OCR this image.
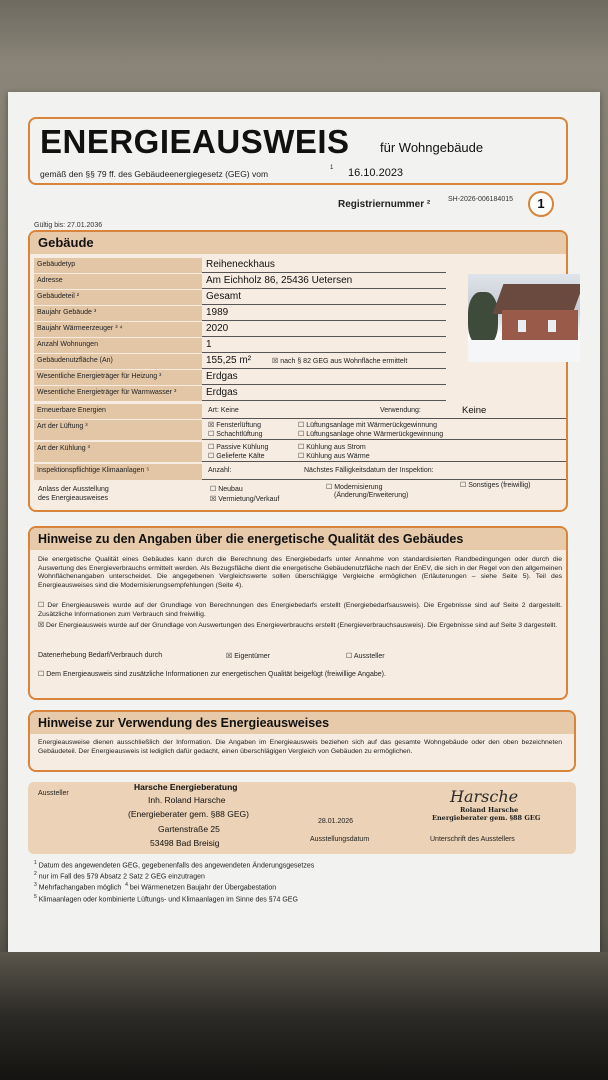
ENERGIEAUSWEIS für Wohngebäude
gemäß den §§ 79 ff. des Gebäudeenergiegesetz (GEG) vom
1 16.10.2023
Registriernummer ²	SH-2026-006184015	1
Gültig bis: 27.01.2036
Gebäude
Gebäudetyp	Reiheneckhaus
Adresse	Am Eichholz 86, 25436 Uetersen
Gebäudeteil ²	Gesamt
Baujahr Gebäude ³	1989
Baujahr Wärmeerzeuger ³ ⁴	2020
Anzahl Wohnungen	1
Gebäudenutzfläche (An)	155,25 m²	☒ nach § 82 GEG aus Wohnfläche ermittelt
Wesentliche Energieträger für Heizung ³	Erdgas
Wesentliche Energieträger für Warmwasser ³	Erdgas
Erneuerbare Energien	Art: Keine	Verwendung:	Keine
Art der Lüftung ³	☒ Fensterlüftung
☐ Schachtlüftung
☐ Lüftungsanlage mit Wärmerückgewinnung
☐ Lüftungsanlage ohne Wärmerückgewinnung
Art der Kühlung ³	☐ Passive Kühlung
☐ Gelieferte Kälte
☐ Kühlung aus Strom
☐ Kühlung aus Wärme
Inspektionspflichtige Klimaanlagen ⁵	Anzahl:	Nächstes Fälligkeitsdatum der Inspektion:
Anlass der Ausstellung
des Energieausweises
☐ Neubau
☒ Vermietung/Verkauf
☐ Modernisierung
(Änderung/Erweiterung)
☐ Sonstiges (freiwillig)
Hinweise zu den Angaben über die energetische Qualität des Gebäudes
Die energetische Qualität eines Gebäudes kann durch die Berechnung des Energiebedarfs unter Annahme von standardisierten Randbedingungen oder durch die Auswertung des Energieverbrauchs ermittelt werden. Als Bezugsfläche dient die energetische Gebäudenutzfläche nach der EnEV, die sich in der Regel von den allgemeinen Wohnflächenangaben unterscheidet. Die angegebenen Vergleichswerte sollen überschlägige Vergleiche ermöglichen (Erläuterungen – siehe Seite 5). Teil des Energieausweises sind die Modernisierungsempfehlungen (Seite 4).
☐ Der Energieausweis wurde auf der Grundlage von Berechnungen des Energiebedarfs erstellt (Energiebedarfsausweis). Die Ergebnisse sind auf Seite 2 dargestellt. Zusätzliche Informationen zum Verbrauch sind freiwillig.
☒ Der Energieausweis wurde auf der Grundlage von Auswertungen des Energieverbrauchs erstellt (Energieverbrauchsausweis). Die Ergebnisse sind auf Seite 3 dargestellt.
Datenerhebung Bedarf/Verbrauch durch	☒ Eigentümer	☐ Aussteller
☐ Dem Energieausweis sind zusätzliche Informationen zur energetischen Qualität beigefügt (freiwillige Angabe).
Hinweise zur Verwendung des Energieausweises
Energieausweise dienen ausschließlich der Information. Die Angaben im Energieausweis beziehen sich auf das gesamte Wohngebäude oder den oben bezeichneten Gebäudeteil. Der Energieausweis ist lediglich dafür gedacht, einen überschlägigen Vergleich von Gebäuden zu ermöglichen.
Aussteller
Harsche Energieberatung
Inh. Roland Harsche
(Energieberater gem. §88 GEG)
Gartenstraße 25
53498 Bad Breisig
28.01.2026
Ausstellungsdatum
Roland Harsche
Energieberater gem. §88 GEG
Unterschrift des Ausstellers
Harsche
$^1$ Datum des angewendeten GEG, gegebenenfalls des angewendeten Änderungsgesetzes
$^2$ nur im Fall des §79 Absatz 2 Satz 2 GEG einzutragen
$^3$ Mehrfachangaben möglich $^4$ bei Wärmenetzen Baujahr der Übergabestation
$^5$ Klimaanlagen oder kombinierte Lüftungs- und Klimaanlagen im Sinne des §74 GEG
